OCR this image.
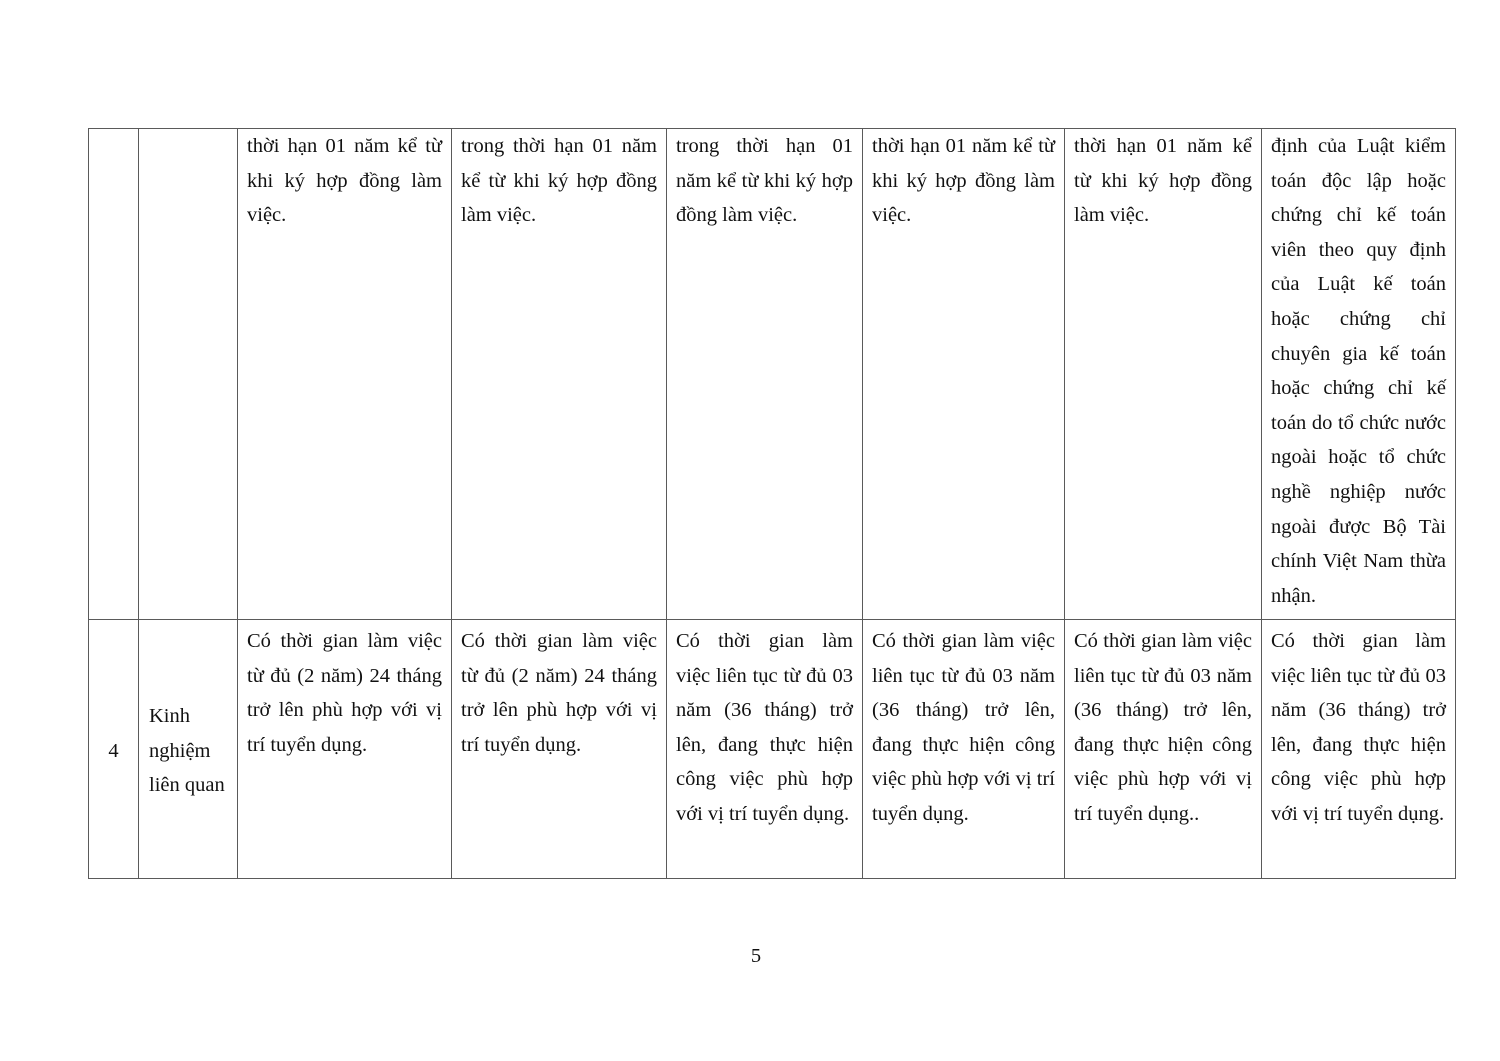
		thời hạn 01 năm kể từ khi ký hợp đồng làm việc.	trong thời hạn 01 năm kể từ khi ký hợp đồng làm việc.	trong thời hạn 01 năm kể từ khi ký hợp đồng làm việc.	thời hạn 01 năm kể từ khi ký hợp đồng làm việc.	thời hạn 01 năm kể từ khi ký hợp đồng làm việc.	định của Luật kiểm toán độc lập hoặc chứng chỉ kế toán viên theo quy định của Luật kế toán hoặc chứng chỉ chuyên gia kế toán hoặc chứng chỉ kế toán do tổ chức nước ngoài hoặc tổ chức nghề nghiệp nước ngoài được Bộ Tài chính Việt Nam thừa nhận.
4	Kinh nghiệm liên quan	Có thời gian làm việc từ đủ (2 năm) 24 tháng trở lên phù hợp với vị trí tuyển dụng.	Có thời gian làm việc từ đủ (2 năm) 24 tháng trở lên phù hợp với vị trí tuyển dụng.	Có thời gian làm việc liên tục từ đủ 03 năm (36 tháng) trở lên, đang thực hiện công việc phù hợp với vị trí tuyển dụng.	Có thời gian làm việc liên tục từ đủ 03 năm (36 tháng) trở lên, đang thực hiện công việc phù hợp với vị trí tuyển dụng.	Có thời gian làm việc liên tục từ đủ 03 năm (36 tháng) trở lên, đang thực hiện công việc phù hợp với vị trí tuyển dụng..	Có thời gian làm việc liên tục từ đủ 03 năm (36 tháng) trở lên, đang thực hiện công việc phù hợp với vị trí tuyển dụng.
5
